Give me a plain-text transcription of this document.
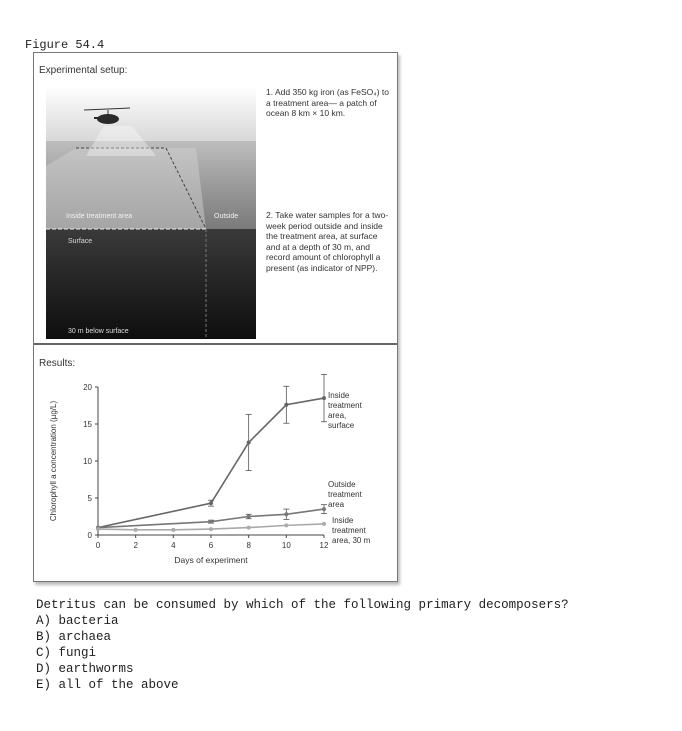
Figure 54.4
Experimental setup:
Inside treatment area	Outside
Surface
30 m below surface
1. Add 350 kg iron (as FeSO₄) to a treatment area— a patch of ocean 8 km × 10 km.
2. Take water samples for a two-week period outside and inside the treatment area, at surface and at a depth of 30 m, and record amount of chlorophyll a present (as indicator of NPP).
Results:
0
5
10
15
20
0	2	4	6	8	10	12
Days of experiment
Chlorophyll a concentration (µg/L)
Inside treatment area, surface
Outside treatment area
Inside treatment area, 30 m
Detritus can be consumed by which of the following primary decomposers?
A) bacteria
B) archaea
C) fungi
D) earthworms
E) all of the above
